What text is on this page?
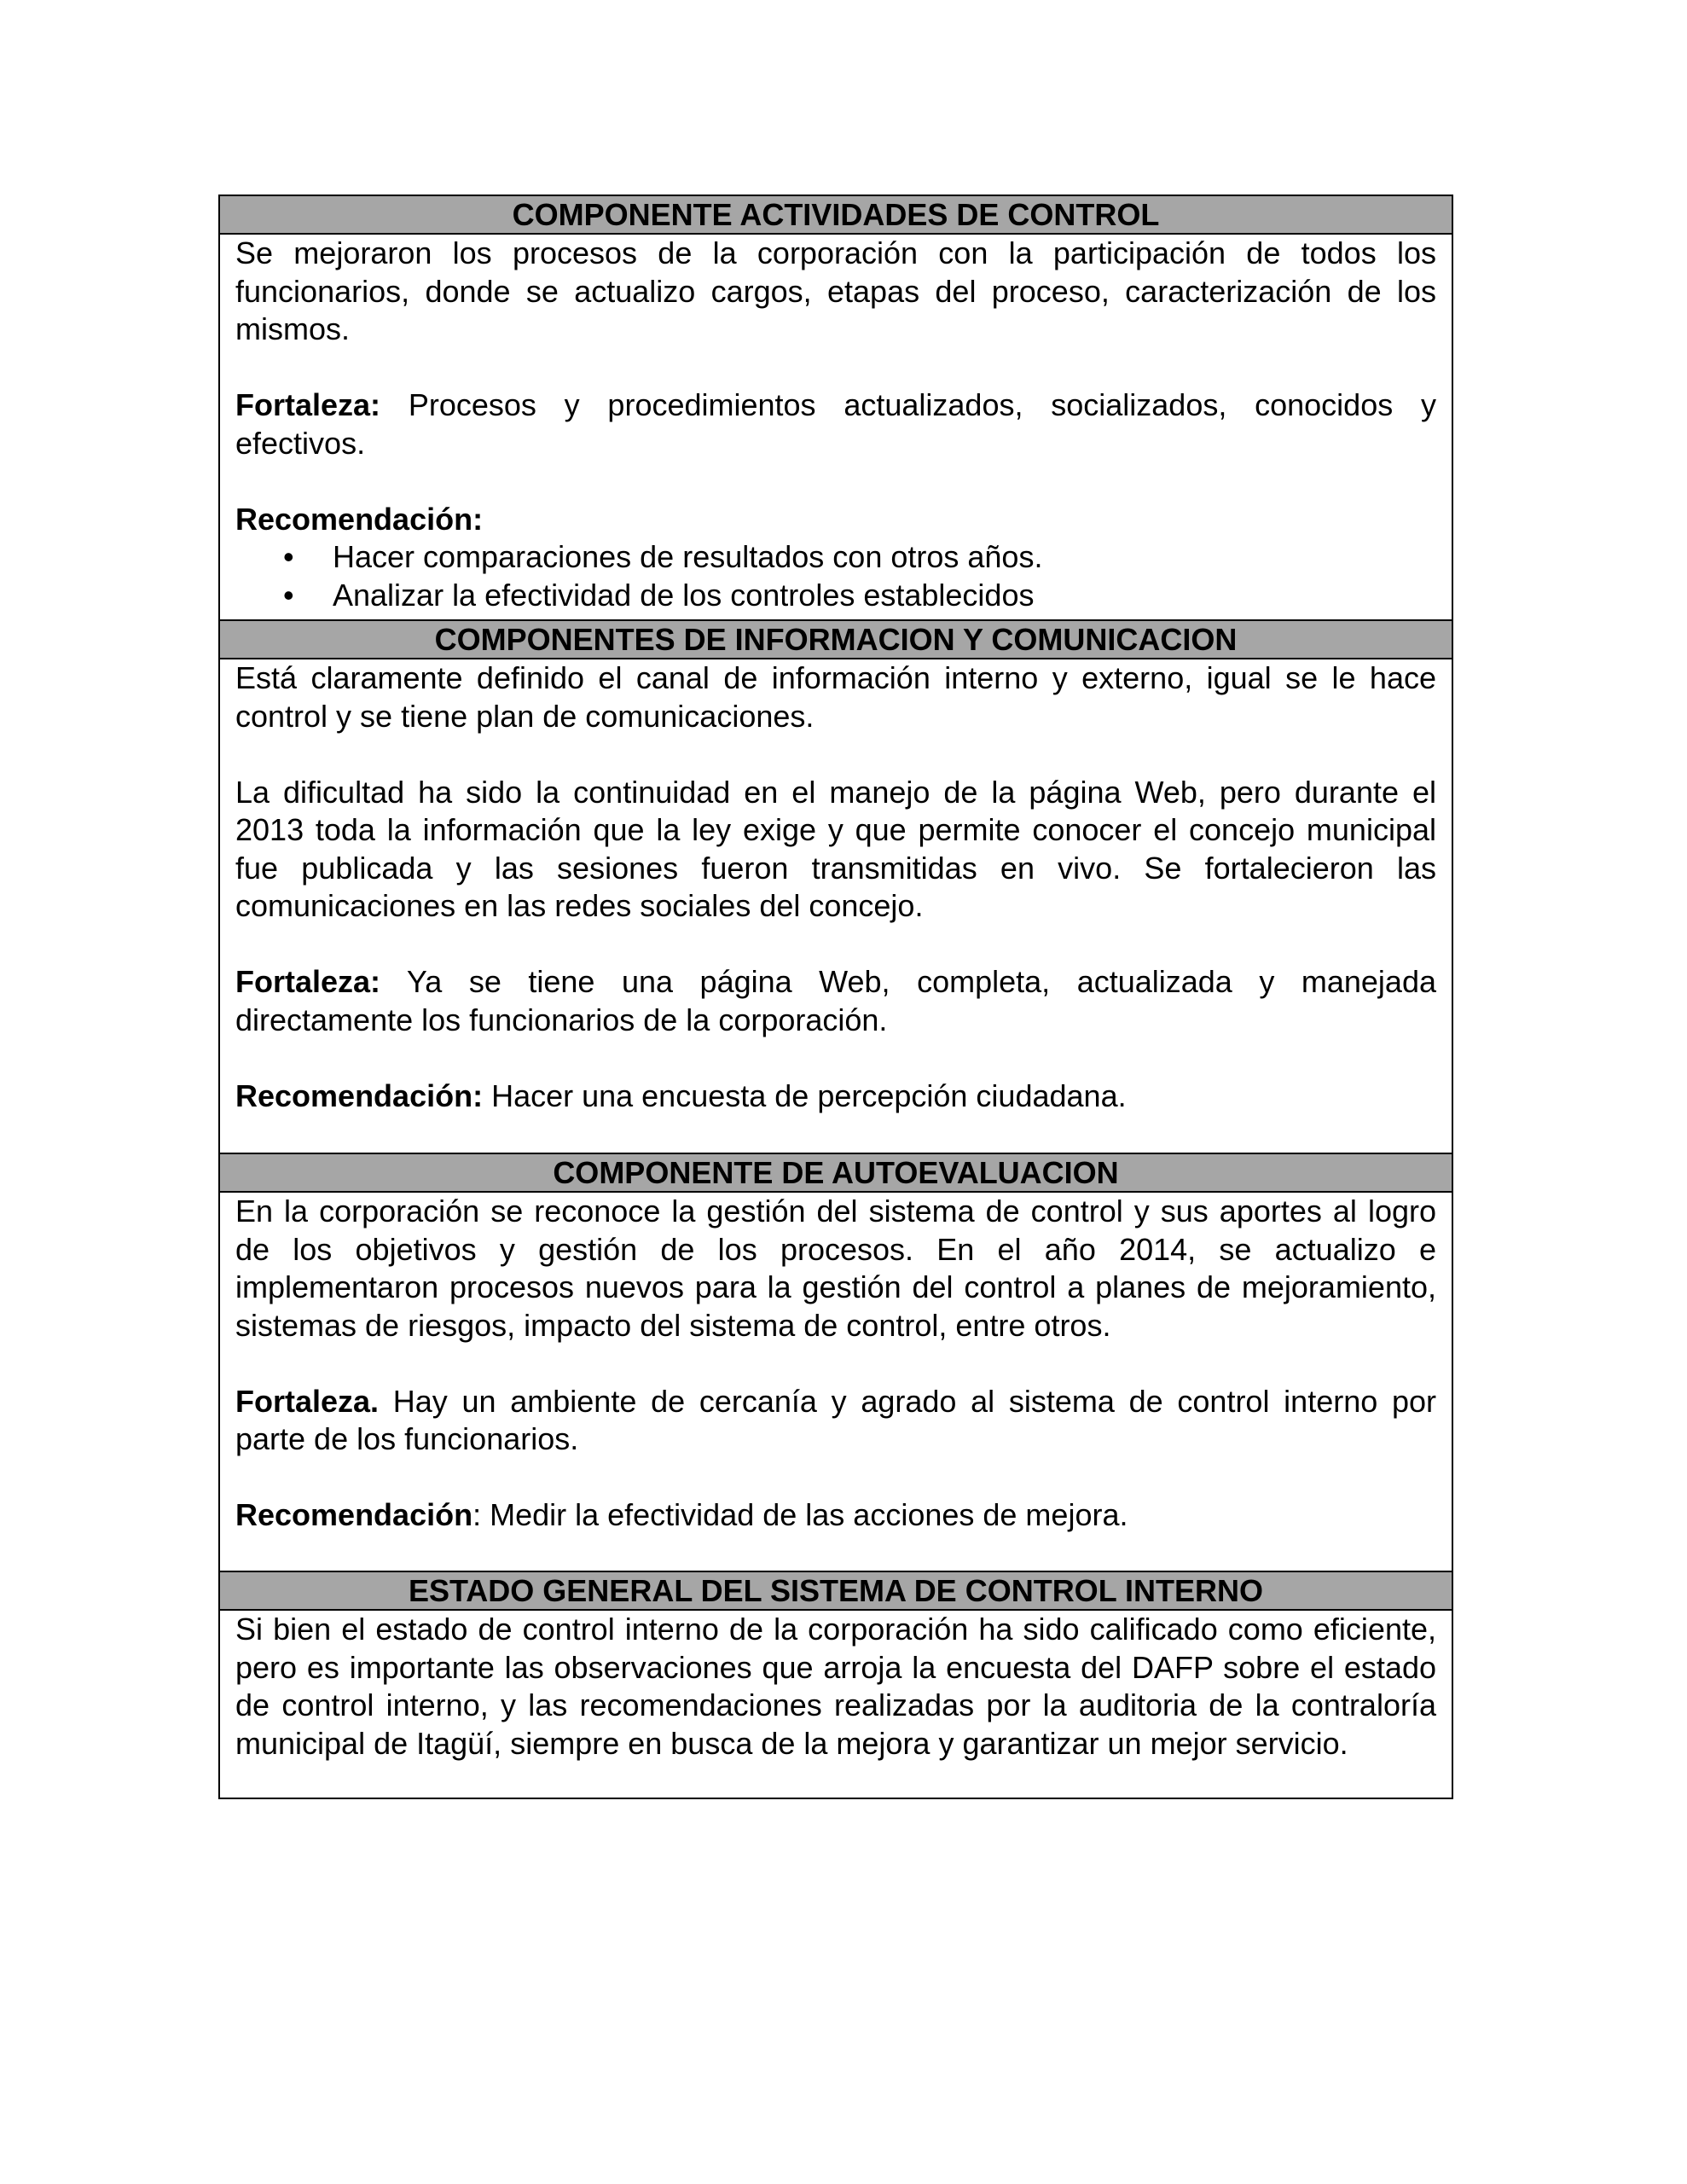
COMPONENTE ACTIVIDADES DE CONTROL

Se mejoraron los procesos de la corporación con la participación de todos los funcionarios, donde se actualizo cargos, etapas del proceso, caracterización de los mismos.

Fortaleza: Procesos y procedimientos actualizados, socializados, conocidos y efectivos.

Recomendación:

• Hacer comparaciones de resultados con otros años.
• Analizar la efectividad de los controles establecidos
COMPONENTES DE INFORMACION Y COMUNICACION

Está claramente definido el canal de información interno y externo, igual se le hace control y se tiene plan de comunicaciones.

La dificultad ha sido la continuidad en el manejo de la página Web, pero durante el 2013 toda la información que la ley exige y que permite conocer el concejo municipal fue publicada y las sesiones fueron transmitidas en vivo. Se fortalecieron las comunicaciones en las redes sociales del concejo.

Fortaleza: Ya se tiene una página Web, completa, actualizada y manejada directamente los funcionarios de la corporación.

Recomendación: Hacer una encuesta de percepción ciudadana.

COMPONENTE DE AUTOEVALUACION

En la corporación se reconoce la gestión del sistema de control y sus aportes al logro de los objetivos y gestión de los procesos. En el año 2014, se actualizo e implementaron procesos nuevos para la gestión del control a planes de mejoramiento, sistemas de riesgos, impacto del sistema de control, entre otros.

Fortaleza. Hay un ambiente de cercanía y agrado al sistema de control interno por parte de los funcionarios.

Recomendación: Medir la efectividad de las acciones de mejora.

ESTADO GENERAL DEL SISTEMA DE CONTROL INTERNO

Si bien el estado de control interno de la corporación ha sido calificado como eficiente, pero es importante las observaciones que arroja la encuesta del DAFP sobre el estado de control interno, y las recomendaciones realizadas por la auditoria de la contraloría municipal de Itagüí, siempre en busca de la mejora y garantizar un mejor servicio.
